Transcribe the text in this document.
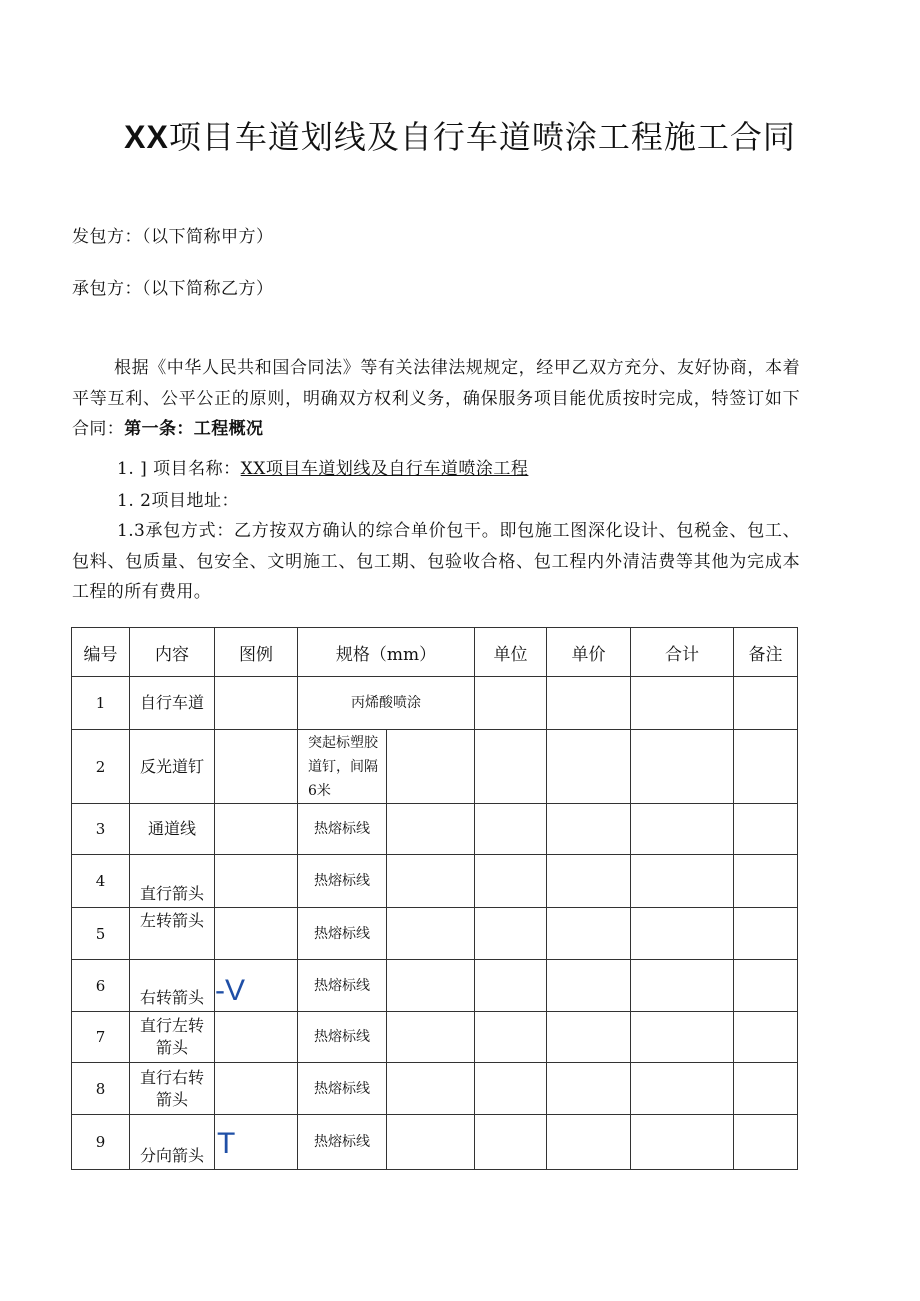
XX项目车道划线及自行车道喷涂工程施工合同
发包方：（以下简称甲方）
承包方：（以下简称乙方）
根据《中华人民共和国合同法》等有关法律法规规定，经甲乙双方充分、友好协商，本着平等互利、公平公正的原则，明确双方权利义务，确保服务项目能优质按时完成，特签订如下合同：第一条：工程概况
1. ] 项目名称：XX项目车道划线及自行车道喷涂工程
1. 2项目地址：
1.3承包方式：乙方按双方确认的综合单价包干。即包施工图深化设计、包税金、包工、包料、包质量、包安全、文明施工、包工期、包验收合格、包工程内外清洁费等其他为完成本工程的所有费用。
编号	内容	图例	规格（mm）		单位	单价	合计	备注
1	自行车道		丙烯酸喷涂					
2	反光道钉		突起标塑胶道钉，间隔6米					
3	通道线		热熔标线					
4	直行箭头		热熔标线					
5	左转箭头		热熔标线					
6	右转箭头	-V	热熔标线					
7	直行左转箭头		热熔标线					
8	直行右转箭头		热熔标线					
9	分向箭头	T	热熔标线					
